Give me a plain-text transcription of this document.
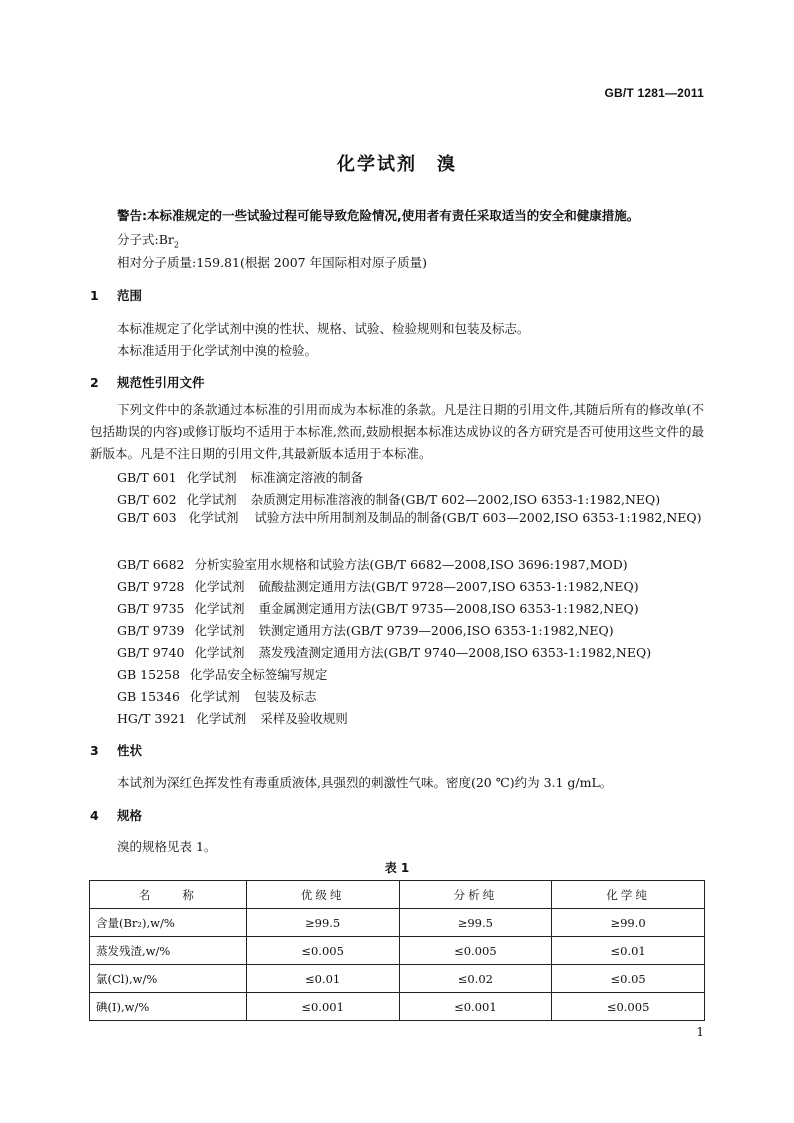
GB/T 1281—2011
化学试剂　溴
警告:本标准规定的一些试验过程可能导致危险情况,使用者有责任采取适当的安全和健康措施。
分子式$:Br_2$
相对分子质量:159.81(根据 2007 年国际相对原子质量)
1 范围
本标准规定了化学试剂中溴的性状、规格、试验、检验规则和包装及标志。
本标准适用于化学试剂中溴的检验。
2 规范性引用文件
下列文件中的条款通过本标准的引用而成为本标准的条款。凡是注日期的引用文件,其随后所有的修改单(不包括勘误的内容)或修订版均不适用于本标准,然而,鼓励根据本标准达成协议的各方研究是否可使用这些文件的最新版本。凡是不注日期的引用文件,其最新版本适用于本标准。
GB/T 601 化学试剂 标准滴定溶液的制备
GB/T 602 化学试剂 杂质测定用标准溶液的制备(GB/T 602—2002,ISO 6353-1:1982,NEQ)
GB/T 603 化学试剂 试验方法中所用制剂及制品的制备(GB/T 603—2002,ISO 6353-1:1982,NEQ)
GB/T 6682 分析实验室用水规格和试验方法(GB/T 6682—2008,ISO 3696:1987,MOD)
GB/T 9728 化学试剂 硫酸盐测定通用方法(GB/T 9728—2007,ISO 6353-1:1982,NEQ)
GB/T 9735 化学试剂 重金属测定通用方法(GB/T 9735—2008,ISO 6353-1:1982,NEQ)
GB/T 9739 化学试剂 铁测定通用方法(GB/T 9739—2006,ISO 6353-1:1982,NEQ)
GB/T 9740 化学试剂 蒸发残渣测定通用方法(GB/T 9740—2008,ISO 6353-1:1982,NEQ)
GB 15258 化学品安全标签编写规定
GB 15346 化学试剂 包装及标志
HG/T 3921 化学试剂 采样及验收规则
3 性状
本试剂为深红色挥发性有毒重质液体,具强烈的刺激性气味。密度(20 ℃)约为 3.1 g/mL。
4 规格
溴的规格见表 1。
表 1
名　　称	优级纯	分析纯	化学纯
含量(Br₂),w/%	≥99.5	≥99.5	≥99.0
蒸发残渣,w/%	≤0.005	≤0.005	≤0.01
氯(Cl),w/%	≤0.01	≤0.02	≤0.05
碘(I),w/%	≤0.001	≤0.001	≤0.005
1
